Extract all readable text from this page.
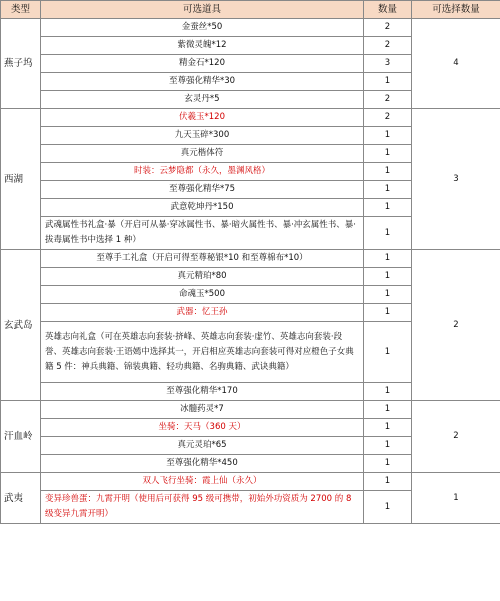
类型	可选道具	数量	可选择数量
燕子坞	金蚕丝*50	2	4
	紫微灵魄*12	2	
	精金石*120	3	
	至尊强化精华*30	1	
	玄灵丹*5	2	
西湖	伏羲玉*120	2	3
	九天玉碎*300	1	
	真元楷体符	1	
	时装：云梦隐都（永久，墨渊风格）	1	
	至尊强化精华*75	1	
	武意乾坤丹*150	1	
	武魂属性书礼盒·暴（开启可从暴·穿冰属性书、暴·暗火属性书、暴·冲玄属性书、暴·拔毒属性书中选择 1 种）	1	
玄武岛	至尊手工礼盒（开启可得至尊秘银*10 和至尊棉布*10）	1	2
	真元精珀*80	1	
	命魂玉*500	1	
	武器：忆王孙	1	
	英雄志向礼盒（可在英雄志向套装·挤峰、英雄志向套装·虚竹、英雄志向套装·段誉、英雄志向套装·王语嫣中选择其一，开启相应英雄志向套装可得对应橙色子女典籍 5 件：神兵典籍、锦装典籍、轻功典籍、名驹典籍、武诀典籍）	1	
	至尊强化精华*170	1	
汗血岭	冰髓药灵*7	1	2
	坐骑：天马（360 天）	1	
	真元灵珀*65	1	
	至尊强化精华*450	1	
武夷	双人飞行坐骑：霞上仙（永久）	1	1
	变异珍兽蛋：九霄开明（使用后可获得 95 级可携带，初始外功资质为 2700 的 8 级变异九霄开明）	1	
